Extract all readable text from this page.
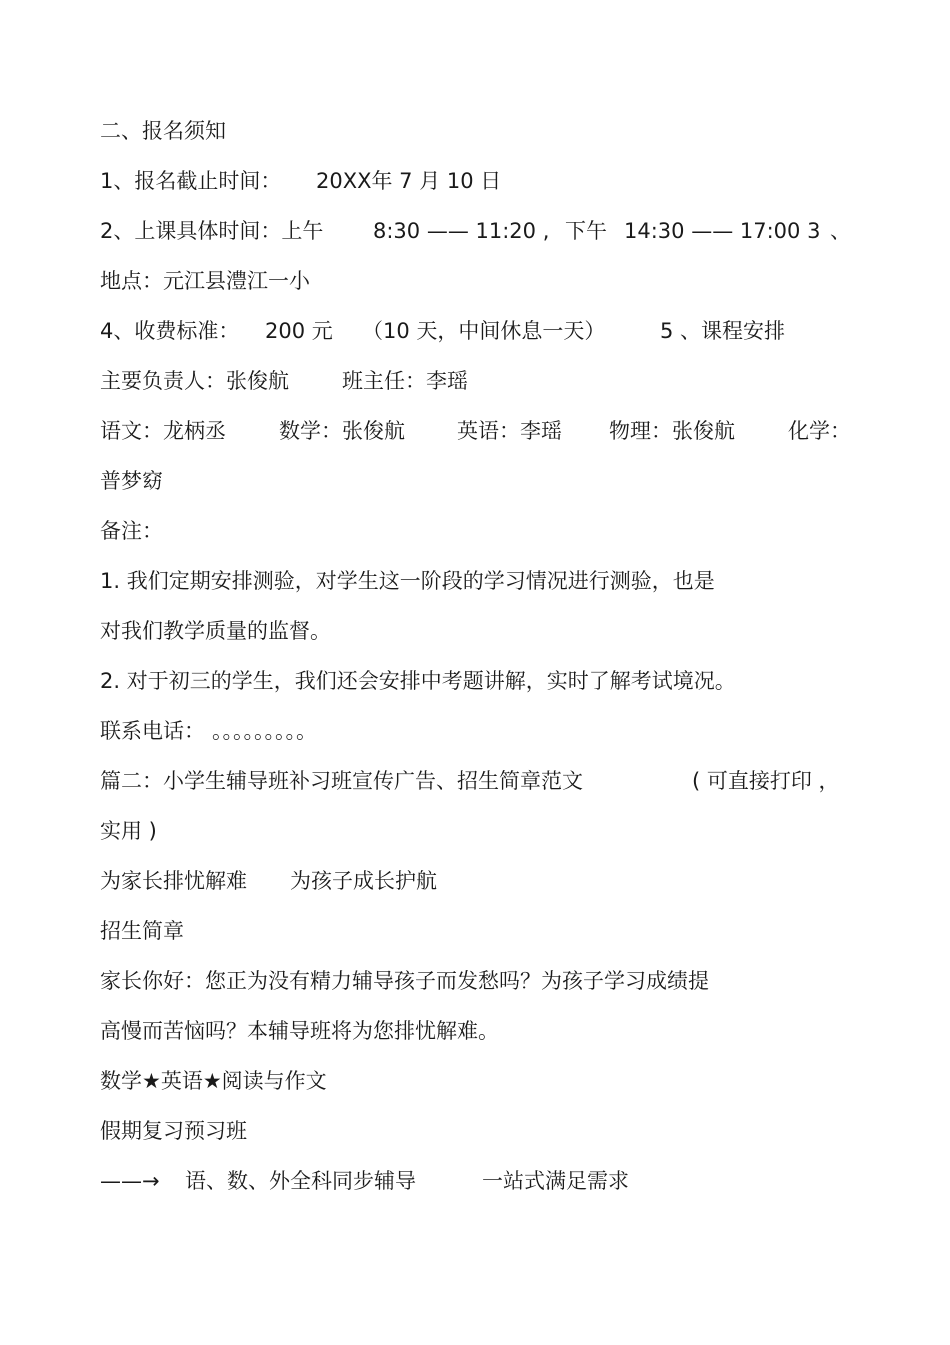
二、报名须知
1、报名截止时间： 20XX年 7 月 10 日
2、上课具体时间：上午 8:30 —— 11:20 , 下午 14:30 —— 17:00 3 、
地点：元江县澧江一小
4、收费标准： 200 元 （10 天，中间休息一天）	5 、课程安排
主要负责人：张俊航	班主任：李瑶
语文：龙柄丞	数学：张俊航 英语：李瑶 物理：张俊航	化学：
普梦窈
备注：
1. 我们定期安排测验，对学生这一阶段的学习情况进行测验，也是
对我们教学质量的监督。
2. 对于初三的学生，我们还会安排中考题讲解，实时了解考试境况。
联系电话： 。。。。。。。。。
篇二：小学生辅导班补习班宣传广告、招生简章范文	( 可直接打印 ，
实用 )
为家长排忧解难 为孩子成长护航
招生简章
家长你好：您正为没有精力辅导孩子而发愁吗？为孩子学习成绩提
高慢而苦恼吗？本辅导班将为您排忧解难。
数学★英语★阅读与作文
假期复习预习班
——→ 语、数、外全科同步辅导	一站式满足需求
